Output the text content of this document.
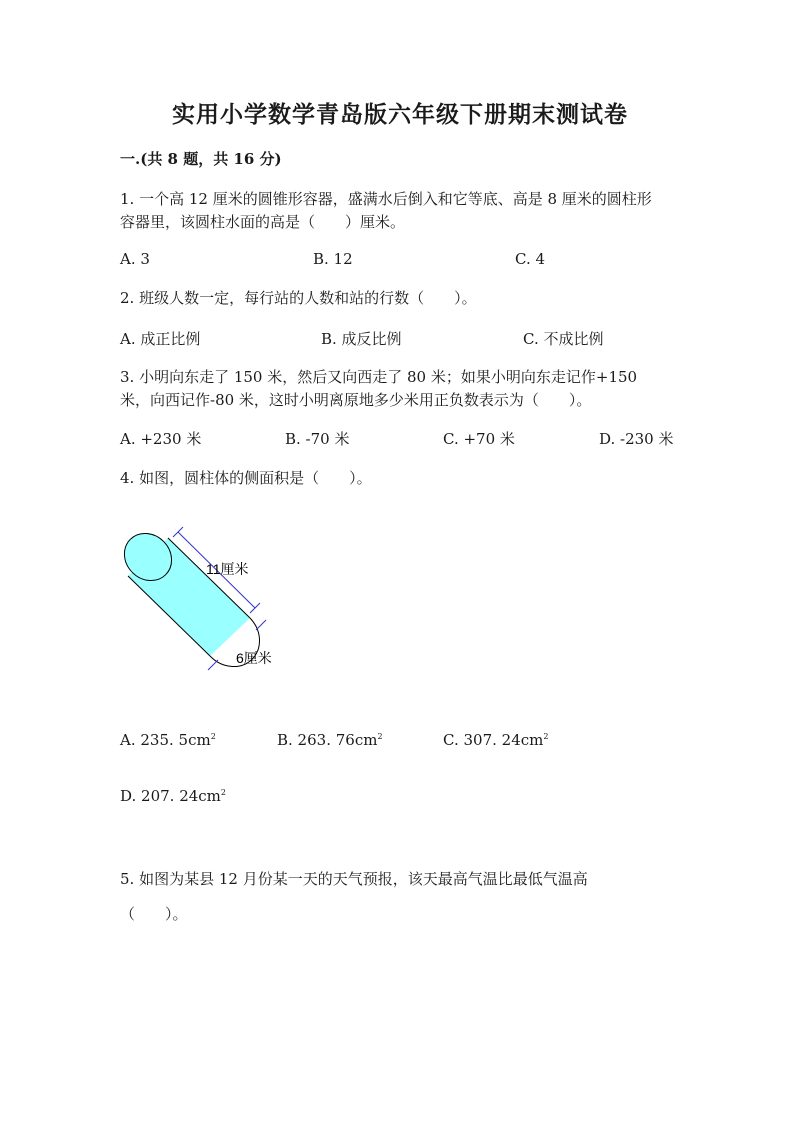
实用小学数学青岛版六年级下册期末测试卷
一.(共 8 题，共 16 分)
1. 一个高 12 厘米的圆锥形容器，盛满水后倒入和它等底、高是 8 厘米的圆柱形
容器里，该圆柱水面的高是（　　）厘米。
A. 3	B. 12	C. 4
2. 班级人数一定，每行站的人数和站的行数（　　）。
A. 成正比例	B. 成反比例	C. 不成比例
3. 小明向东走了 150 米，然后又向西走了 80 米；如果小明向东走记作+150
米，向西记作-80 米，这时小明离原地多少米用正负数表示为（　　）。
A. +230 米	B. -70 米	C. +70 米	D. -230 米
4. 如图，圆柱体的侧面积是（　　）。
11厘米
6厘米
A. 235. $5cm^2$	B. 263. $76cm^2$	C. 307. $24cm^2$
D. 207. $24cm^2$
5. 如图为某县 12 月份某一天的天气预报，该天最高气温比最低气温高
（　　）。
